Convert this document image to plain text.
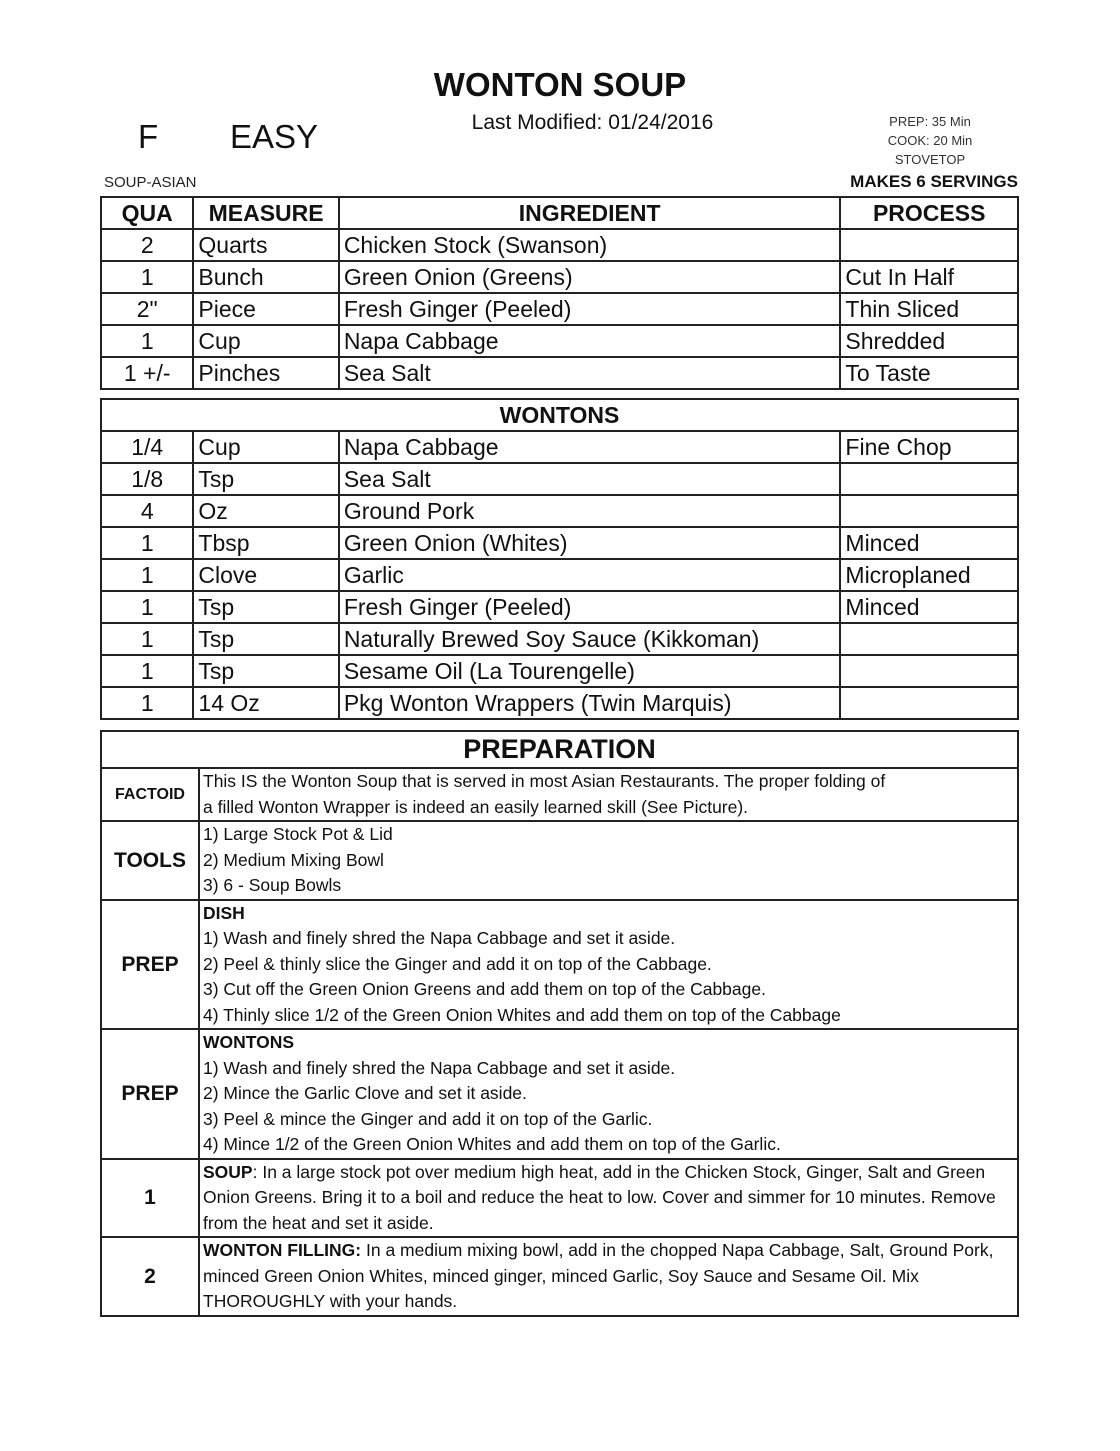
WONTON SOUP
Last Modified: 01/24/2016
F EASY	PREP: 35 Min
COOK: 20 Min
STOVETOP
SOUP-ASIAN	MAKES 6 SERVINGS
QUA	MEASURE	INGREDIENT	PROCESS
2	Quarts	Chicken Stock (Swanson)	
1	Bunch	Green Onion (Greens)	Cut In Half
2"	Piece	Fresh Ginger (Peeled)	Thin Sliced
1	Cup	Napa Cabbage	Shredded
1 +/-	Pinches	Sea Salt	To Taste
WONTONS			
1/4	Cup	Napa Cabbage	Fine Chop
1/8	Tsp	Sea Salt	
4	Oz	Ground Pork	
1	Tbsp	Green Onion (Whites)	Minced
1	Clove	Garlic	Microplaned
1	Tsp	Fresh Ginger (Peeled)	Minced
1	Tsp	Naturally Brewed Soy Sauce (Kikkoman)	
1	Tsp	Sesame Oil (La Tourengelle)	
1	14 Oz	Pkg Wonton Wrappers (Twin Marquis)	
PREPARATION	
FACTOID	This IS the Wonton Soup that is served in most Asian Restaurants. The proper folding of
a filled Wonton Wrapper is indeed an easily learned skill (See Picture).

TOOLS	1) Large Stock Pot & Lid
2) Medium Mixing Bowl
3) 6 - Soup Bowls

PREP	DISH
1) Wash and finely shred the Napa Cabbage and set it aside.
2) Peel & thinly slice the Ginger and add it on top of the Cabbage.
3) Cut off the Green Onion Greens and add them on top of the Cabbage.
4) Thinly slice 1/2 of the Green Onion Whites and add them on top of the Cabbage

PREP	WONTONS
1) Wash and finely shred the Napa Cabbage and set it aside.
2) Mince the Garlic Clove and set it aside.
3) Peel & mince the Ginger and add it on top of the Garlic.
4) Mince 1/2 of the Green Onion Whites and add them on top of the Garlic.

1	SOUP: In a large stock pot over medium high heat, add in the Chicken Stock, Ginger, Salt and Green Onion Greens. Bring it to a boil and reduce the heat to low. Cover and simmer for 10 minutes. Remove from the heat and set it aside.
2	WONTON FILLING: In a medium mixing bowl, add in the chopped Napa Cabbage, Salt, Ground Pork, minced Green Onion Whites, minced ginger, minced Garlic, Soy Sauce and Sesame Oil. Mix THOROUGHLY with your hands.
